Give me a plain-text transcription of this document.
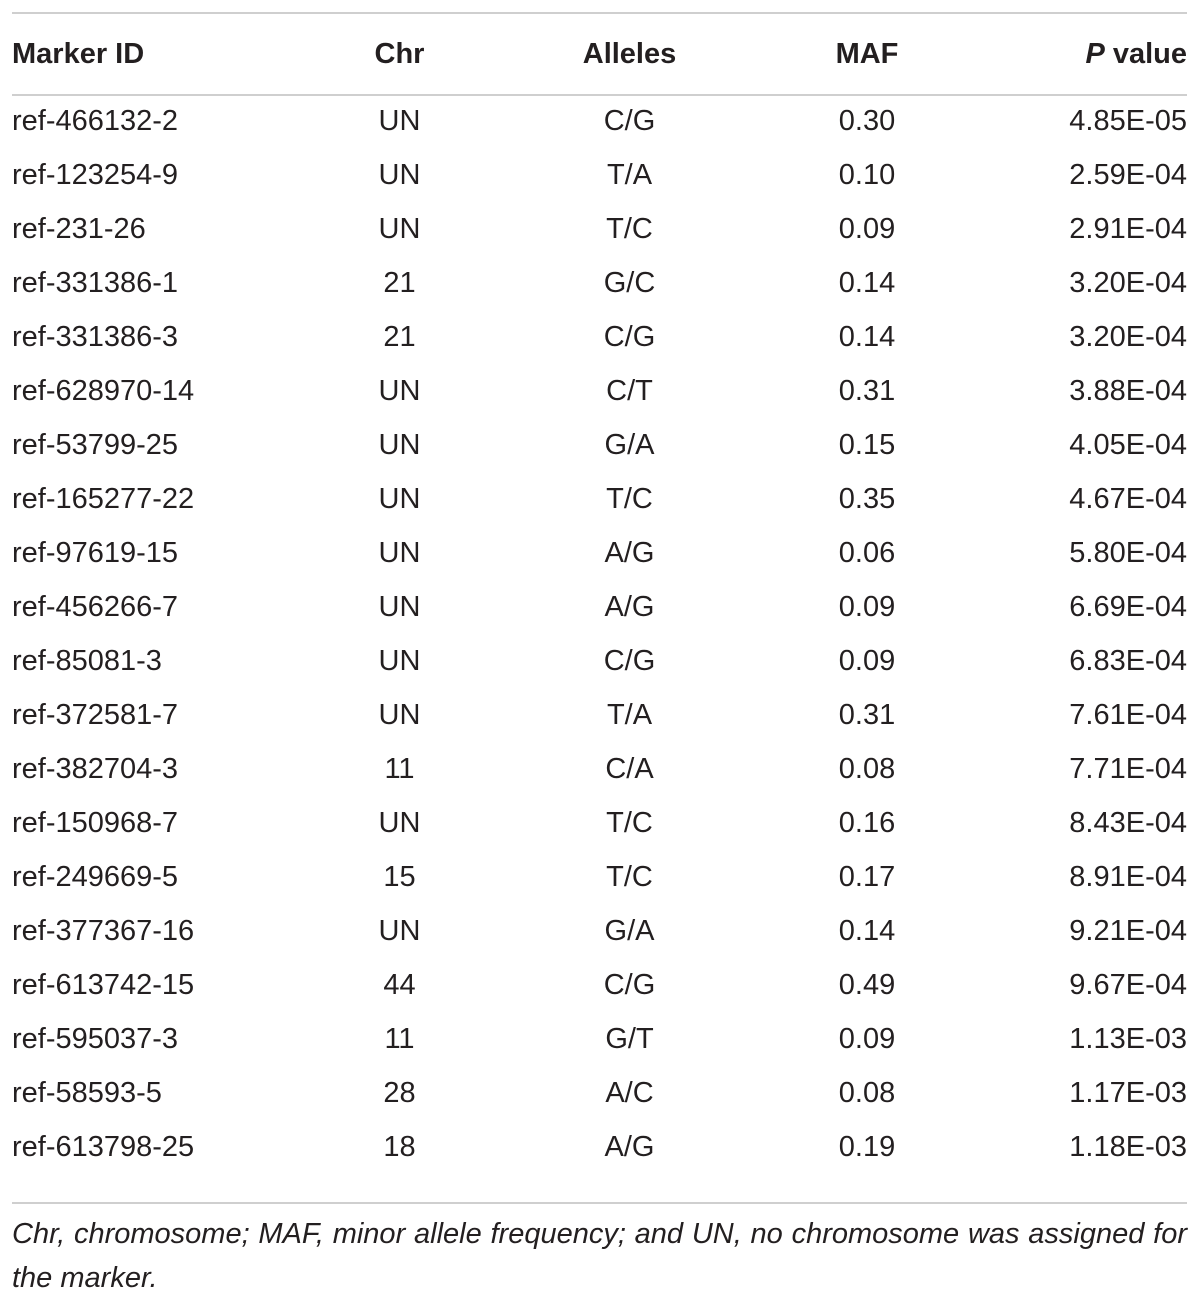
Marker ID	Chr	Alleles	MAF	P value

ref-466132-2	UN	C/G	0.30	4.85E-05
ref-123254-9	UN	T/A	0.10	2.59E-04
ref-231-26	UN	T/C	0.09	2.91E-04
ref-331386-1	21	G/C	0.14	3.20E-04
ref-331386-3	21	C/G	0.14	3.20E-04
ref-628970-14	UN	C/T	0.31	3.88E-04
ref-53799-25	UN	G/A	0.15	4.05E-04
ref-165277-22	UN	T/C	0.35	4.67E-04
ref-97619-15	UN	A/G	0.06	5.80E-04
ref-456266-7	UN	A/G	0.09	6.69E-04
ref-85081-3	UN	C/G	0.09	6.83E-04
ref-372581-7	UN	T/A	0.31	7.61E-04
ref-382704-3	11	C/A	0.08	7.71E-04
ref-150968-7	UN	T/C	0.16	8.43E-04
ref-249669-5	15	T/C	0.17	8.91E-04
ref-377367-16	UN	G/A	0.14	9.21E-04
ref-613742-15	44	C/G	0.49	9.67E-04
ref-595037-3	11	G/T	0.09	1.13E-03
ref-58593-5	28	A/C	0.08	1.17E-03
ref-613798-25	18	A/G	0.19	1.18E-03
Chr, chromosome; MAF, minor allele frequency; and UN, no chromosome was assigned for the marker.
